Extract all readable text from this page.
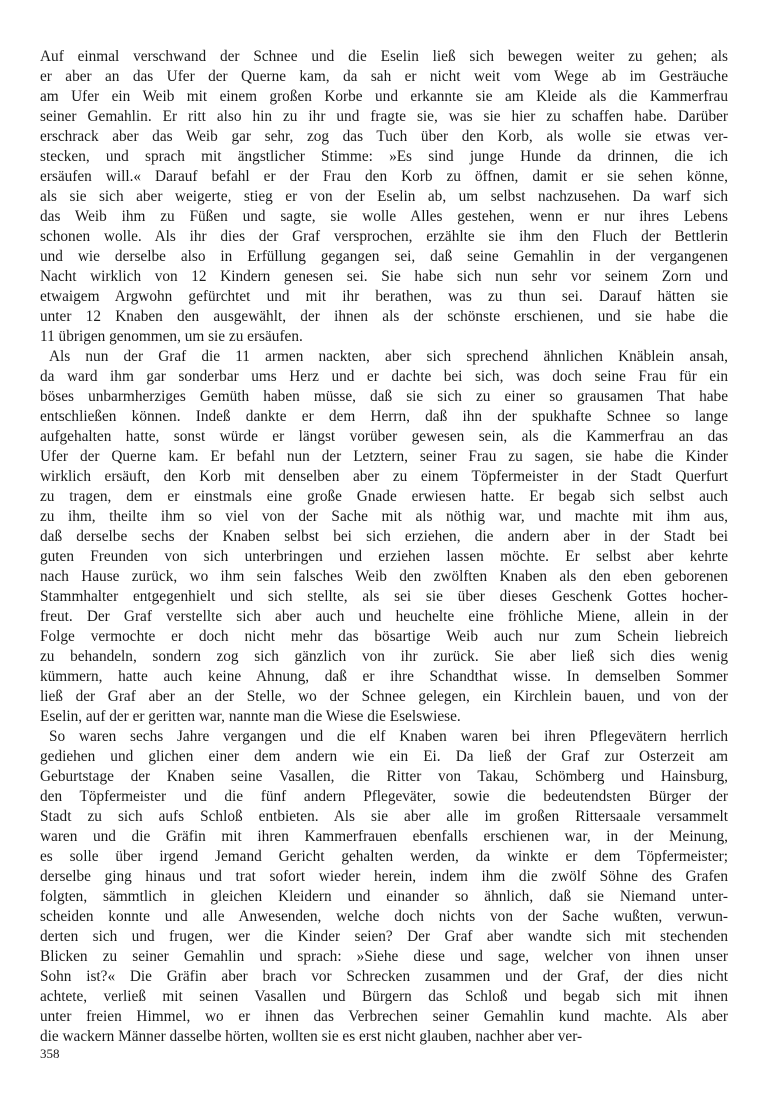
Auf einmal verschwand der Schnee und die Eselin ließ sich bewegen weiter zu gehen; als
er aber an das Ufer der Querne kam, da sah er nicht weit vom Wege ab im Gesträuche
am Ufer ein Weib mit einem großen Korbe und erkannte sie am Kleide als die Kammerfrau
seiner Gemahlin. Er ritt also hin zu ihr und fragte sie, was sie hier zu schaffen habe. Darüber
erschrack aber das Weib gar sehr, zog das Tuch über den Korb, als wolle sie etwas ver-
stecken, und sprach mit ängstlicher Stimme: »Es sind junge Hunde da drinnen, die ich
ersäufen will.« Darauf befahl er der Frau den Korb zu öffnen, damit er sie sehen könne,
als sie sich aber weigerte, stieg er von der Eselin ab, um selbst nachzusehen. Da warf sich
das Weib ihm zu Füßen und sagte, sie wolle Alles gestehen, wenn er nur ihres Lebens
schonen wolle. Als ihr dies der Graf versprochen, erzählte sie ihm den Fluch der Bettlerin
und wie derselbe also in Erfüllung gegangen sei, daß seine Gemahlin in der vergangenen
Nacht wirklich von 12 Kindern genesen sei. Sie habe sich nun sehr vor seinem Zorn und
etwaigem Argwohn gefürchtet und mit ihr berathen, was zu thun sei. Darauf hätten sie
unter 12 Knaben den ausgewählt, der ihnen als der schönste erschienen, und sie habe die
11 übrigen genommen, um sie zu ersäufen.
Als nun der Graf die 11 armen nackten, aber sich sprechend ähnlichen Knäblein ansah,
da ward ihm gar sonderbar ums Herz und er dachte bei sich, was doch seine Frau für ein
böses unbarmherziges Gemüth haben müsse, daß sie sich zu einer so grausamen That habe
entschließen können. Indeß dankte er dem Herrn, daß ihn der spukhafte Schnee so lange
aufgehalten hatte, sonst würde er längst vorüber gewesen sein, als die Kammerfrau an das
Ufer der Querne kam. Er befahl nun der Letztern, seiner Frau zu sagen, sie habe die Kinder
wirklich ersäuft, den Korb mit denselben aber zu einem Töpfermeister in der Stadt Querfurt
zu tragen, dem er einstmals eine große Gnade erwiesen hatte. Er begab sich selbst auch
zu ihm, theilte ihm so viel von der Sache mit als nöthig war, und machte mit ihm aus,
daß derselbe sechs der Knaben selbst bei sich erziehen, die andern aber in der Stadt bei
guten Freunden von sich unterbringen und erziehen lassen möchte. Er selbst aber kehrte
nach Hause zurück, wo ihm sein falsches Weib den zwölften Knaben als den eben geborenen
Stammhalter entgegenhielt und sich stellte, als sei sie über dieses Geschenk Gottes hocher-
freut. Der Graf verstellte sich aber auch und heuchelte eine fröhliche Miene, allein in der
Folge vermochte er doch nicht mehr das bösartige Weib auch nur zum Schein liebreich
zu behandeln, sondern zog sich gänzlich von ihr zurück. Sie aber ließ sich dies wenig
kümmern, hatte auch keine Ahnung, daß er ihre Schandthat wisse. In demselben Sommer
ließ der Graf aber an der Stelle, wo der Schnee gelegen, ein Kirchlein bauen, und von der
Eselin, auf der er geritten war, nannte man die Wiese die Eselswiese.
So waren sechs Jahre vergangen und die elf Knaben waren bei ihren Pflegevätern herrlich
gediehen und glichen einer dem andern wie ein Ei. Da ließ der Graf zur Osterzeit am
Geburtstage der Knaben seine Vasallen, die Ritter von Takau, Schömberg und Hainsburg,
den Töpfermeister und die fünf andern Pflegeväter, sowie die bedeutendsten Bürger der
Stadt zu sich aufs Schloß entbieten. Als sie aber alle im großen Rittersaale versammelt
waren und die Gräfin mit ihren Kammerfrauen ebenfalls erschienen war, in der Meinung,
es solle über irgend Jemand Gericht gehalten werden, da winkte er dem Töpfermeister;
derselbe ging hinaus und trat sofort wieder herein, indem ihm die zwölf Söhne des Grafen
folgten, sämmtlich in gleichen Kleidern und einander so ähnlich, daß sie Niemand unter-
scheiden konnte und alle Anwesenden, welche doch nichts von der Sache wußten, verwun-
derten sich und frugen, wer die Kinder seien? Der Graf aber wandte sich mit stechenden
Blicken zu seiner Gemahlin und sprach: »Siehe diese und sage, welcher von ihnen unser
Sohn ist?« Die Gräfin aber brach vor Schrecken zusammen und der Graf, der dies nicht
achtete, verließ mit seinen Vasallen und Bürgern das Schloß und begab sich mit ihnen
unter freien Himmel, wo er ihnen das Verbrechen seiner Gemahlin kund machte. Als aber
die wackern Männer dasselbe hörten, wollten sie es erst nicht glauben, nachher aber ver-
358
